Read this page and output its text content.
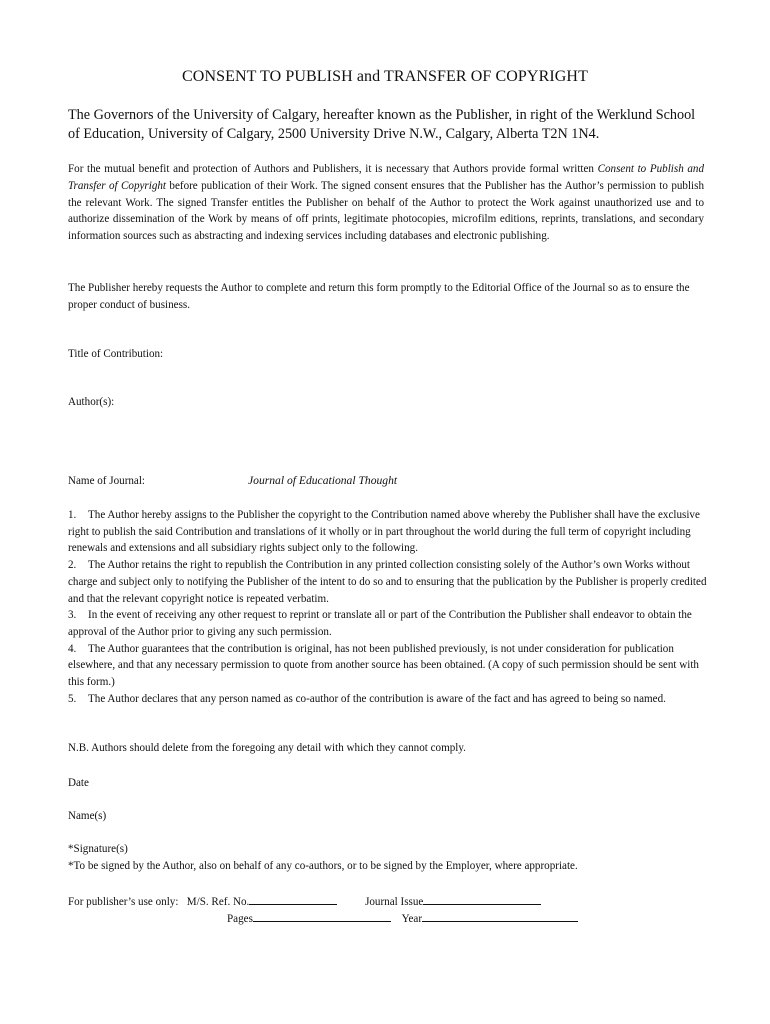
CONSENT TO PUBLISH and TRANSFER OF COPYRIGHT
The Governors of the University of Calgary, hereafter known as the Publisher, in right of the Werklund School of Education, University of Calgary, 2500 University Drive N.W., Calgary, Alberta T2N 1N4.
For the mutual benefit and protection of Authors and Publishers, it is necessary that Authors provide formal written Consent to Publish and Transfer of Copyright before publication of their Work. The signed consent ensures that the Publisher has the Author’s permission to publish the relevant Work. The signed Transfer entitles the Publisher on behalf of the Author to protect the Work against unauthorized use and to authorize dissemination of the Work by means of off prints, legitimate photocopies, microfilm editions, reprints, translations, and secondary information sources such as abstracting and indexing services including databases and electronic publishing.
The Publisher hereby requests the Author to complete and return this form promptly to the Editorial Office of the Journal so as to ensure the proper conduct of business.
Title of Contribution:
Author(s):
Name of Journal:	Journal of Educational Thought

1. The Author hereby assigns to the Publisher the copyright to the Contribution named above whereby the Publisher shall have the exclusive right to publish the said Contribution and translations of it wholly or in part throughout the world during the full term of copyright including renewals and extensions and all subsidiary rights subject only to the following.

2. The Author retains the right to republish the Contribution in any printed collection consisting solely of the Author’s own Works without charge and subject only to notifying the Publisher of the intent to do so and to ensuring that the publication by the Publisher is properly credited and that the relevant copyright notice is repeated verbatim.

3. In the event of receiving any other request to reprint or translate all or part of the Contribution the Publisher shall endeavor to obtain the approval of the Author prior to giving any such permission.

4. The Author guarantees that the contribution is original, has not been published previously, is not under consideration for publication elsewhere, and that any necessary permission to quote from another source has been obtained. (A copy of such permission should be sent with this form.)

5. The Author declares that any person named as co-author of the contribution is aware of the fact and has agreed to being so named.

N.B. Authors should delete from the foregoing any detail with which they cannot comply.
Date
Name(s)
*Signature(s)
*To be signed by the Author, also on behalf of any co-authors, or to be signed by the Employer, where appropriate.
For publisher’s use only: M/S. Ref. No.	Journal Issue
Pages	Year
